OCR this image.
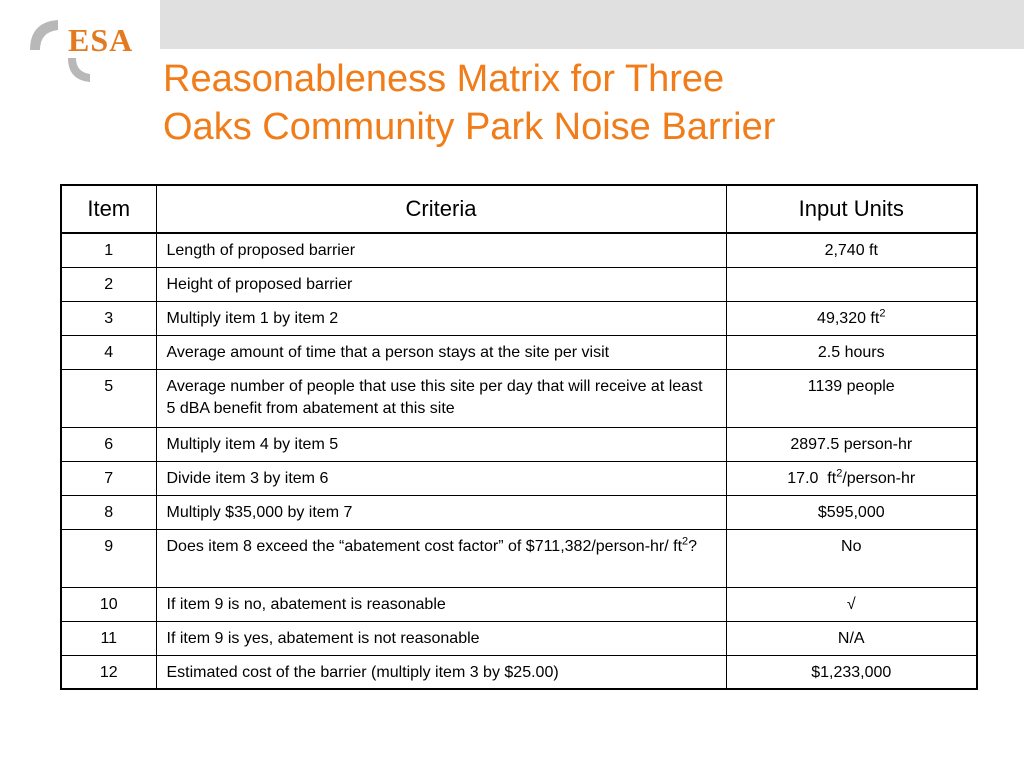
ESA
Reasonableness Matrix for Three
Oaks Community Park Noise Barrier
Item	Criteria	Input Units
1	Length of proposed barrier	2,740 ft
2	Height of proposed barrier	
3	Multiply item 1 by item 2	49,320 $ft^2$
4	Average amount of time that a person stays at the site per visit	2.5 hours
5	Average number of people that use this site per day that will receive at least 5 dBA benefit from abatement at this site	1139 people
6	Multiply item 4 by item 5	2897.5 person-hr
7	Divide item 3 by item 6	17.0  $ft^2/person-hr$
8	Multiply $35,000 by item 7	$595,000
9	Does item 8 exceed the “abatement cost factor” of $711,382/person-hr/ $ft^2$?	No
10	If item 9 is no, abatement is reasonable	√
11	If item 9 is yes, abatement is not reasonable	N/A
12	Estimated cost of the barrier (multiply item 3 by $25.00)	$1,233,000
